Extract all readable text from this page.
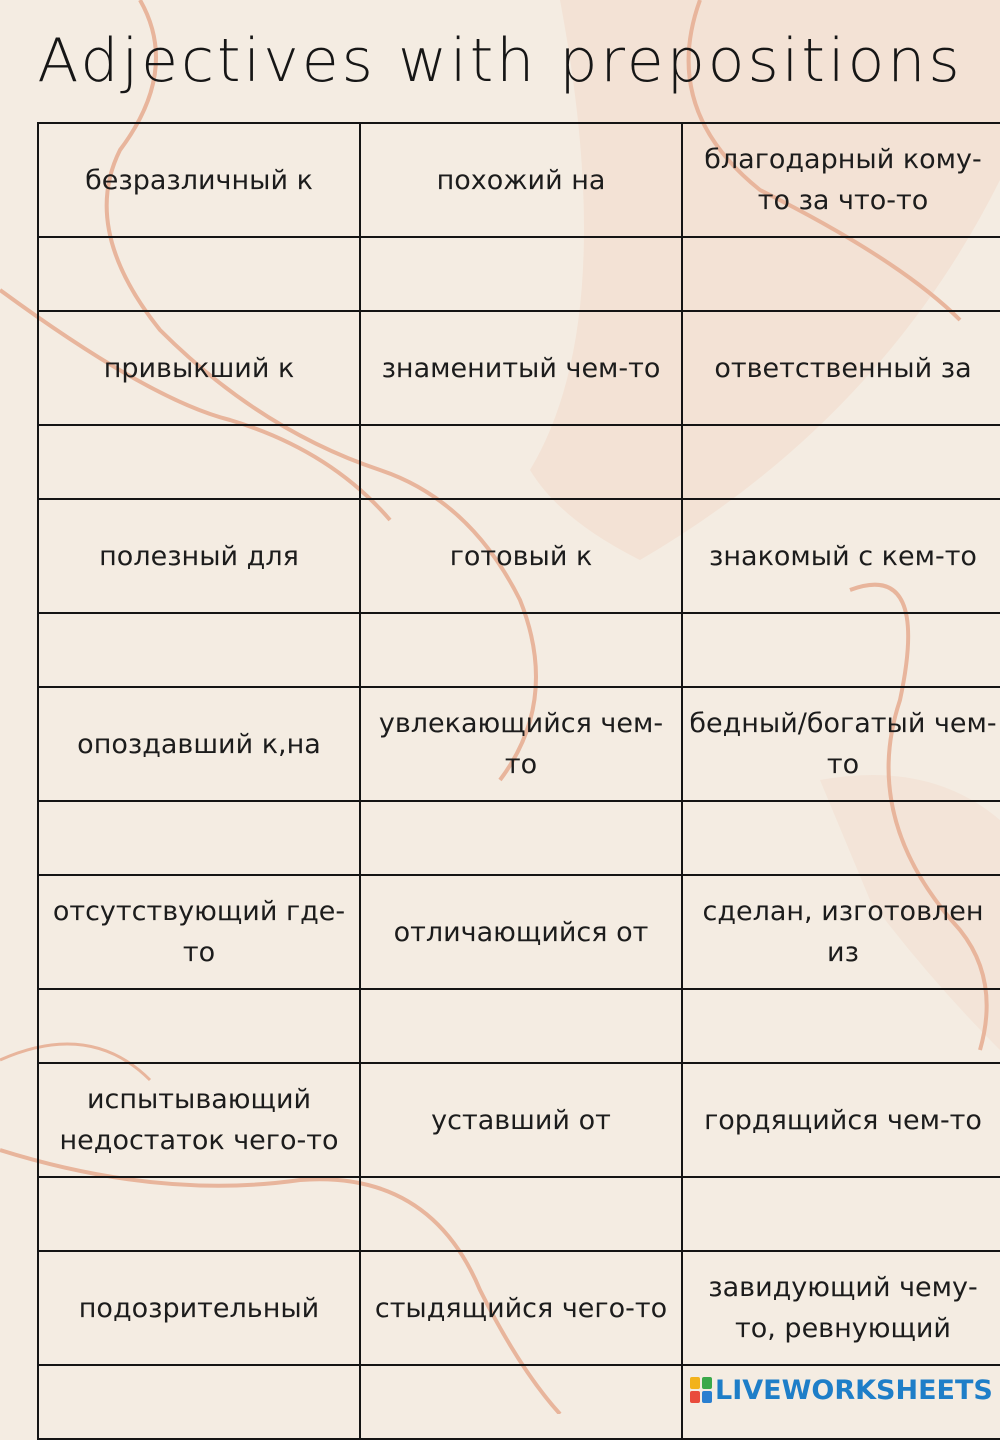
Adjectives with prepositions
безразличный к	похожий на	благодарный кому-то за что-то

привыкший к	знаменитый чем-то	ответственный за

полезный для	готовый к	знакомый с кем-то

опоздавший к,на	увлекающийся чем-то	бедный/богатый чем-то

отсутствующий где-то	отличающийся от	сделан, изготовлен из

испытывающий недостаток чего-то	уставший от	гордящийся чем-то

подозрительный	стыдящийся чего-то	завидующий чему-то, ревнующий

LIVEWORKSHEETS
